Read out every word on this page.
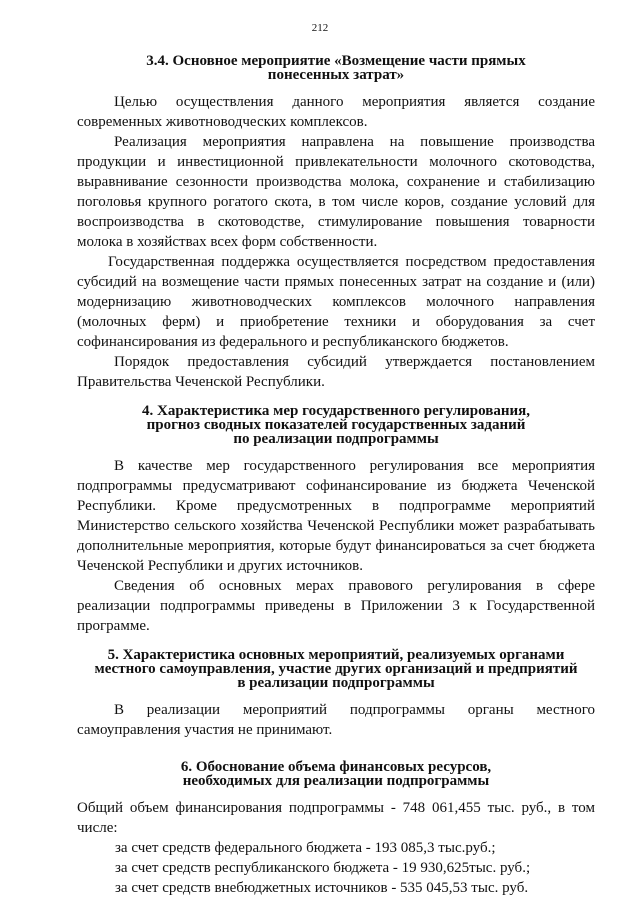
212
3.4. Основное мероприятие «Возмещение части прямых
понесенных затрат»

Целью осуществления данного мероприятия является создание современных животноводческих комплексов.

Реализация мероприятия направлена на повышение производства продукции и инвестиционной привлекательности молочного скотоводства, выравнивание сезонности производства молока, сохранение и стабилизацию поголовья крупного рогатого скота, в том числе коров, создание условий для воспроизводства в скотоводстве, стимулирование повышения товарности молока в хозяйствах всех форм собственности.

Государственная поддержка осуществляется посредством предоставления субсидий на возмещение части прямых понесенных затрат на создание и (или) модернизацию животноводческих комплексов молочного направления (молочных ферм) и приобретение техники и оборудования за счет софинансирования из федерального и республиканского бюджетов.

Порядок предоставления субсидий утверждается постановлением Правительства Чеченской Республики.

4. Характеристика мер государственного регулирования,
прогноз сводных показателей государственных заданий
по реализации подпрограммы

В качестве мер государственного регулирования все мероприятия подпрограммы предусматривают софинансирование из бюджета Чеченской Республики. Кроме предусмотренных в подпрограмме мероприятий Министерство сельского хозяйства Чеченской Республики может разрабатывать дополнительные мероприятия, которые будут финансироваться за счет бюджета Чеченской Республики и других источников.

Сведения об основных мерах правового регулирования в сфере реализации подпрограммы приведены в Приложении 3 к Государственной программе.

5. Характеристика основных мероприятий, реализуемых органами
местного самоуправления, участие других организаций и предприятий
в реализации подпрограммы

В реализации мероприятий подпрограммы органы местного самоуправления участия не принимают.

6. Обоснование объема финансовых ресурсов,
необходимых для реализации подпрограммы

Общий объем финансирования подпрограммы - 748 061,455 тыс. руб., в том числе:

за счет средств федерального бюджета - 193 085,3 тыс.руб.;
за счет средств республиканского бюджета - 19 930,625тыс. руб.;
за счет средств внебюджетных источников - 535 045,53 тыс. руб.
